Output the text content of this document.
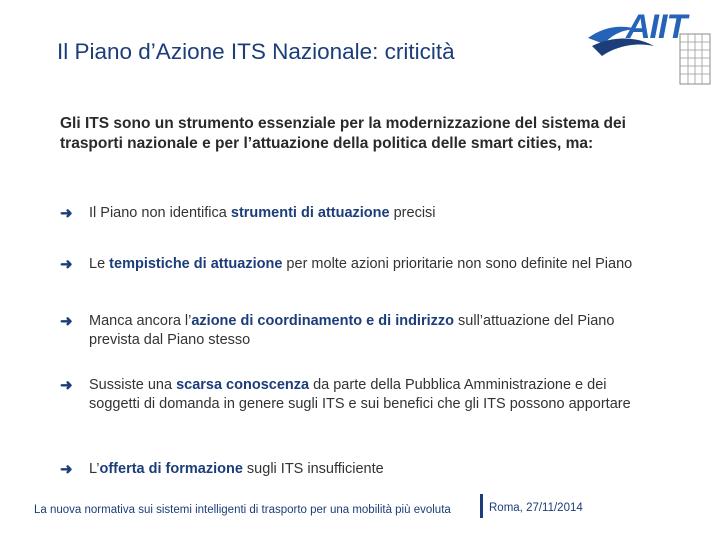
Il Piano d’Azione ITS Nazionale: criticità
AIIT
Gli ITS sono un strumento essenziale per la modernizzazione del sistema dei trasporti nazionale e per l’attuazione della politica delle smart cities, ma:
➜ Il Piano non identifica strumenti di attuazione precisi
➜ Le tempistiche di attuazione per molte azioni prioritarie non sono definite nel Piano
➜ Manca ancora l’azione di coordinamento e di indirizzo sull’attuazione del Piano prevista dal Piano stesso
➜ Sussiste una scarsa conoscenza da parte della Pubblica Amministrazione e dei soggetti di domanda in genere sugli ITS e sui benefici che gli ITS possono apportare
➜ L’offerta di formazione sugli ITS insufficiente
La nuova normativa sui sistemi intelligenti di trasporto per una mobilità più evoluta	Roma, 27/11/2014
